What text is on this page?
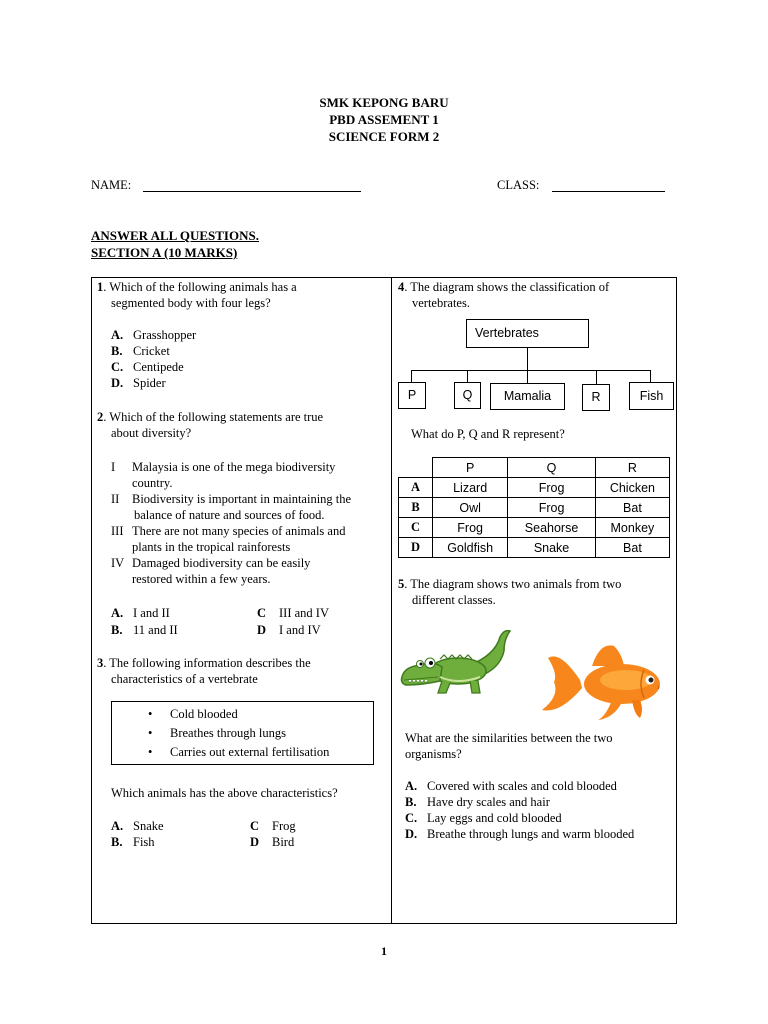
SMK KEPONG BARU
PBD ASSEMENT 1
SCIENCE FORM 2
NAME:	CLASS:
ANSWER ALL QUESTIONS.
SECTION A (10 MARKS)
1. Which of the following animals has a
segmented body with four legs?
A. Grasshopper
B. Cricket
C. Centipede
D. Spider
2. Which of the following statements are true
about diversity?
I Malaysia is one of the mega biodiversity
country.
II Biodiversity is important in maintaining the
balance of nature and sources of food.
III There are not many species of animals and
plants in the tropical rainforests
IV Damaged biodiversity can be easily
restored within a few years.
A. I and II	C III and IV
B. 11 and II	D I and IV
3. The following information describes the
characteristics of a vertebrate
• Cold blooded
• Breathes through lungs
• Carries out external fertilisation
Which animals has the above characteristics?
A. Snake	C Frog
B. Fish	D Bird
4. The diagram shows the classification of
vertebrates.
Vertebrates
P	Q	Mamalia	R	Fish
What do P, Q and R represent?
	P	Q	R
A	Lizard	Frog	Chicken
B	Owl	Frog	Bat
C	Frog	Seahorse	Monkey
D	Goldfish	Snake	Bat
5. The diagram shows two animals from two
different classes.
What are the similarities between the two
organisms?
A. Covered with scales and cold blooded
B. Have dry scales and hair
C. Lay eggs and cold blooded
D. Breathe through lungs and warm blooded
1
